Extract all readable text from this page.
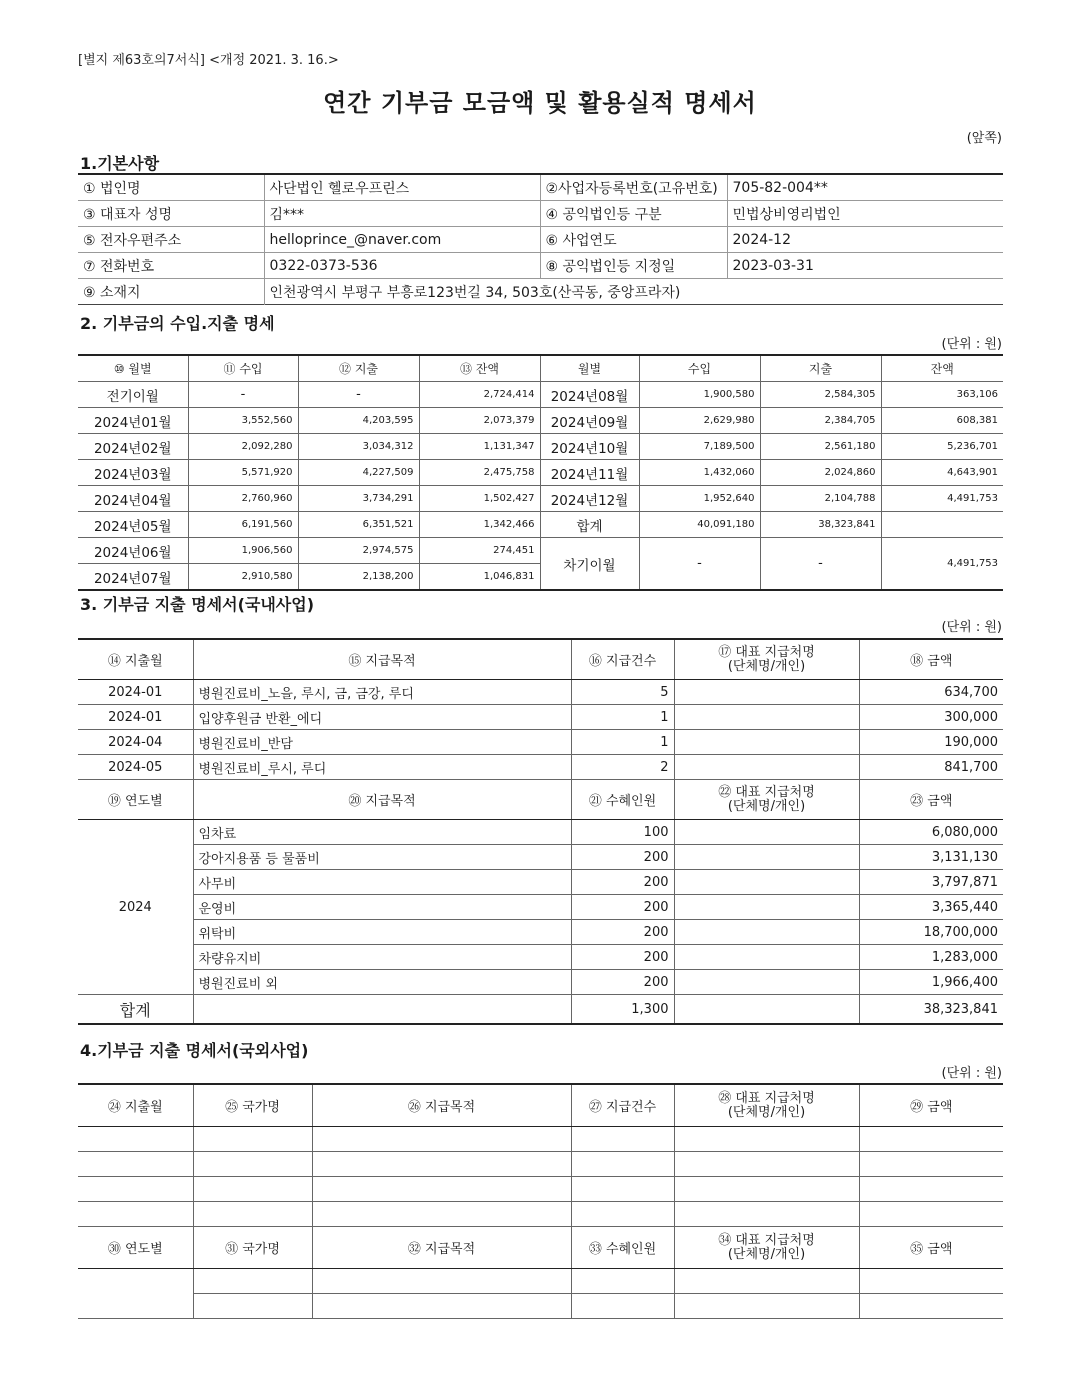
[별지 제63호의7서식] <개정 2021. 3. 16.>
연간 기부금 모금액 및 활용실적 명세서
(앞쪽)
1.기본사항
① 법인명	사단법인 헬로우프린스	②사업자등록번호(고유번호)	705-82-004**
③ 대표자 성명	김***	④ 공익법인등 구분	민법상비영리법인
⑤ 전자우편주소	helloprince_@naver.com	⑥ 사업연도	2024-12
⑦ 전화번호	0322-0373-536	⑧ 공익법인등 지정일	2023-03-31
⑨ 소재지	인천광역시 부평구 부흥로123번길 34, 503호(산곡동, 중앙프라자)		
2. 기부금의 수입.지출 명세
(단위 : 원)
⑩ 월별	⑪ 수입	⑫ 지출	⑬ 잔액	월별	수입	지출	잔액
전기이월	-	-	2,724,414	2024년08월	1,900,580	2,584,305	363,106
2024년01월	3,552,560	4,203,595	2,073,379	2024년09월	2,629,980	2,384,705	608,381
2024년02월	2,092,280	3,034,312	1,131,347	2024년10월	7,189,500	2,561,180	5,236,701
2024년03월	5,571,920	4,227,509	2,475,758	2024년11월	1,432,060	2,024,860	4,643,901
2024년04월	2,760,960	3,734,291	1,502,427	2024년12월	1,952,640	2,104,788	4,491,753
2024년05월	6,191,560	6,351,521	1,342,466	합계	40,091,180	38,323,841	
2024년06월	1,906,560	2,974,575	274,451	차기이월	-	-	4,491,753
2024년07월	2,910,580	2,138,200	1,046,831				
3. 기부금 지출 명세서(국내사업)
(단위 : 원)
⑭ 지출월	⑮ 지급목적	⑯ 지급건수	⑰ 대표 지급처명
(단체명/개인)	⑱ 금액
2024-01	병원진료비_노을, 루시, 금, 금강, 루디	5		634,700
2024-01	입양후원금 반환_에디	1		300,000
2024-04	병원진료비_반담	1		190,000
2024-05	병원진료비_루시, 루디	2		841,700
⑲ 연도별	⑳ 지급목적	㉑ 수혜인원	㉒ 대표 지급처명
(단체명/개인)	㉓ 금액
2024	임차료	100		6,080,000
	강아지용품 등 물품비	200		3,131,130
	사무비	200		3,797,871
	운영비	200		3,365,440
	위탁비	200		18,700,000
	차량유지비	200		1,283,000
	병원진료비 외	200		1,966,400
합계		1,300		38,323,841
4.기부금 지출 명세서(국외사업)
(단위 : 원)
㉔ 지출월	㉕ 국가명	㉖ 지급목적	㉗ 지급건수	㉘ 대표 지급처명
(단체명/개인)	㉙ 금액

㉚ 연도별	㉛ 국가명	㉜ 지급목적	㉝ 수혜인원	㉞ 대표 지급처명
(단체명/개인)	㉟ 금액
